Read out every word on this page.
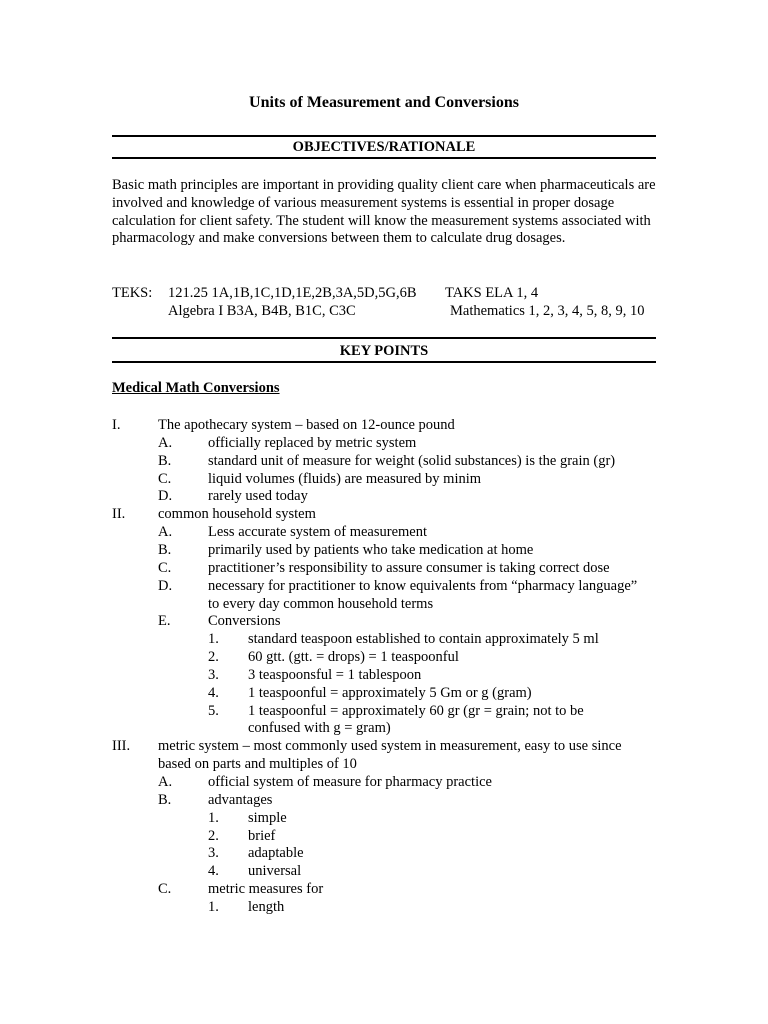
Units of Measurement and Conversions
OBJECTIVES/RATIONALE
Basic math principles are important in providing quality client care when pharmaceuticals are involved and knowledge of various measurement systems is essential in proper dosage calculation for client safety. The student will know the measurement systems associated with pharmacology and make conversions between them to calculate drug dosages.
TEKS: 121.25 1A,1B,1C,1D,1E,2B,3A,5D,5G,6B TAKS ELA 1, 4
Algebra I B3A, B4B, B1C, C3C	Mathematics 1, 2, 3, 4, 5, 8, 9, 10
KEY POINTS
Medical Math Conversions
I.	The apothecary system – based on 12-ounce pound
A. officially replaced by metric system
B.	standard unit of measure for weight (solid substances) is the grain (gr)
C.	liquid volumes (fluids) are measured by minim
D. rarely used today
II. common household system
A. Less accurate system of measurement
B.	primarily used by patients who take medication at home
C.	practitioner’s responsibility to assure consumer is taking correct dose
D. necessary for practitioner to know equivalents from “pharmacy language”
to every day common household terms
E.	Conversions
1. standard teaspoon established to contain approximately 5 ml
2. 60 gtt. (gtt. = drops) = 1 teaspoonful
3. 3 teaspoonsful = 1 tablespoon
4. 1 teaspoonful = approximately 5 Gm or g (gram)
5. 1 teaspoonful = approximately 60 gr (gr = grain; not to be
confused with g = gram)
III. metric system – most commonly used system in measurement, easy to use since
based on parts and multiples of 10
A. official system of measure for pharmacy practice
B.	advantages
1. simple
2. brief
3. adaptable
4. universal
C.	metric measures for
1. length
